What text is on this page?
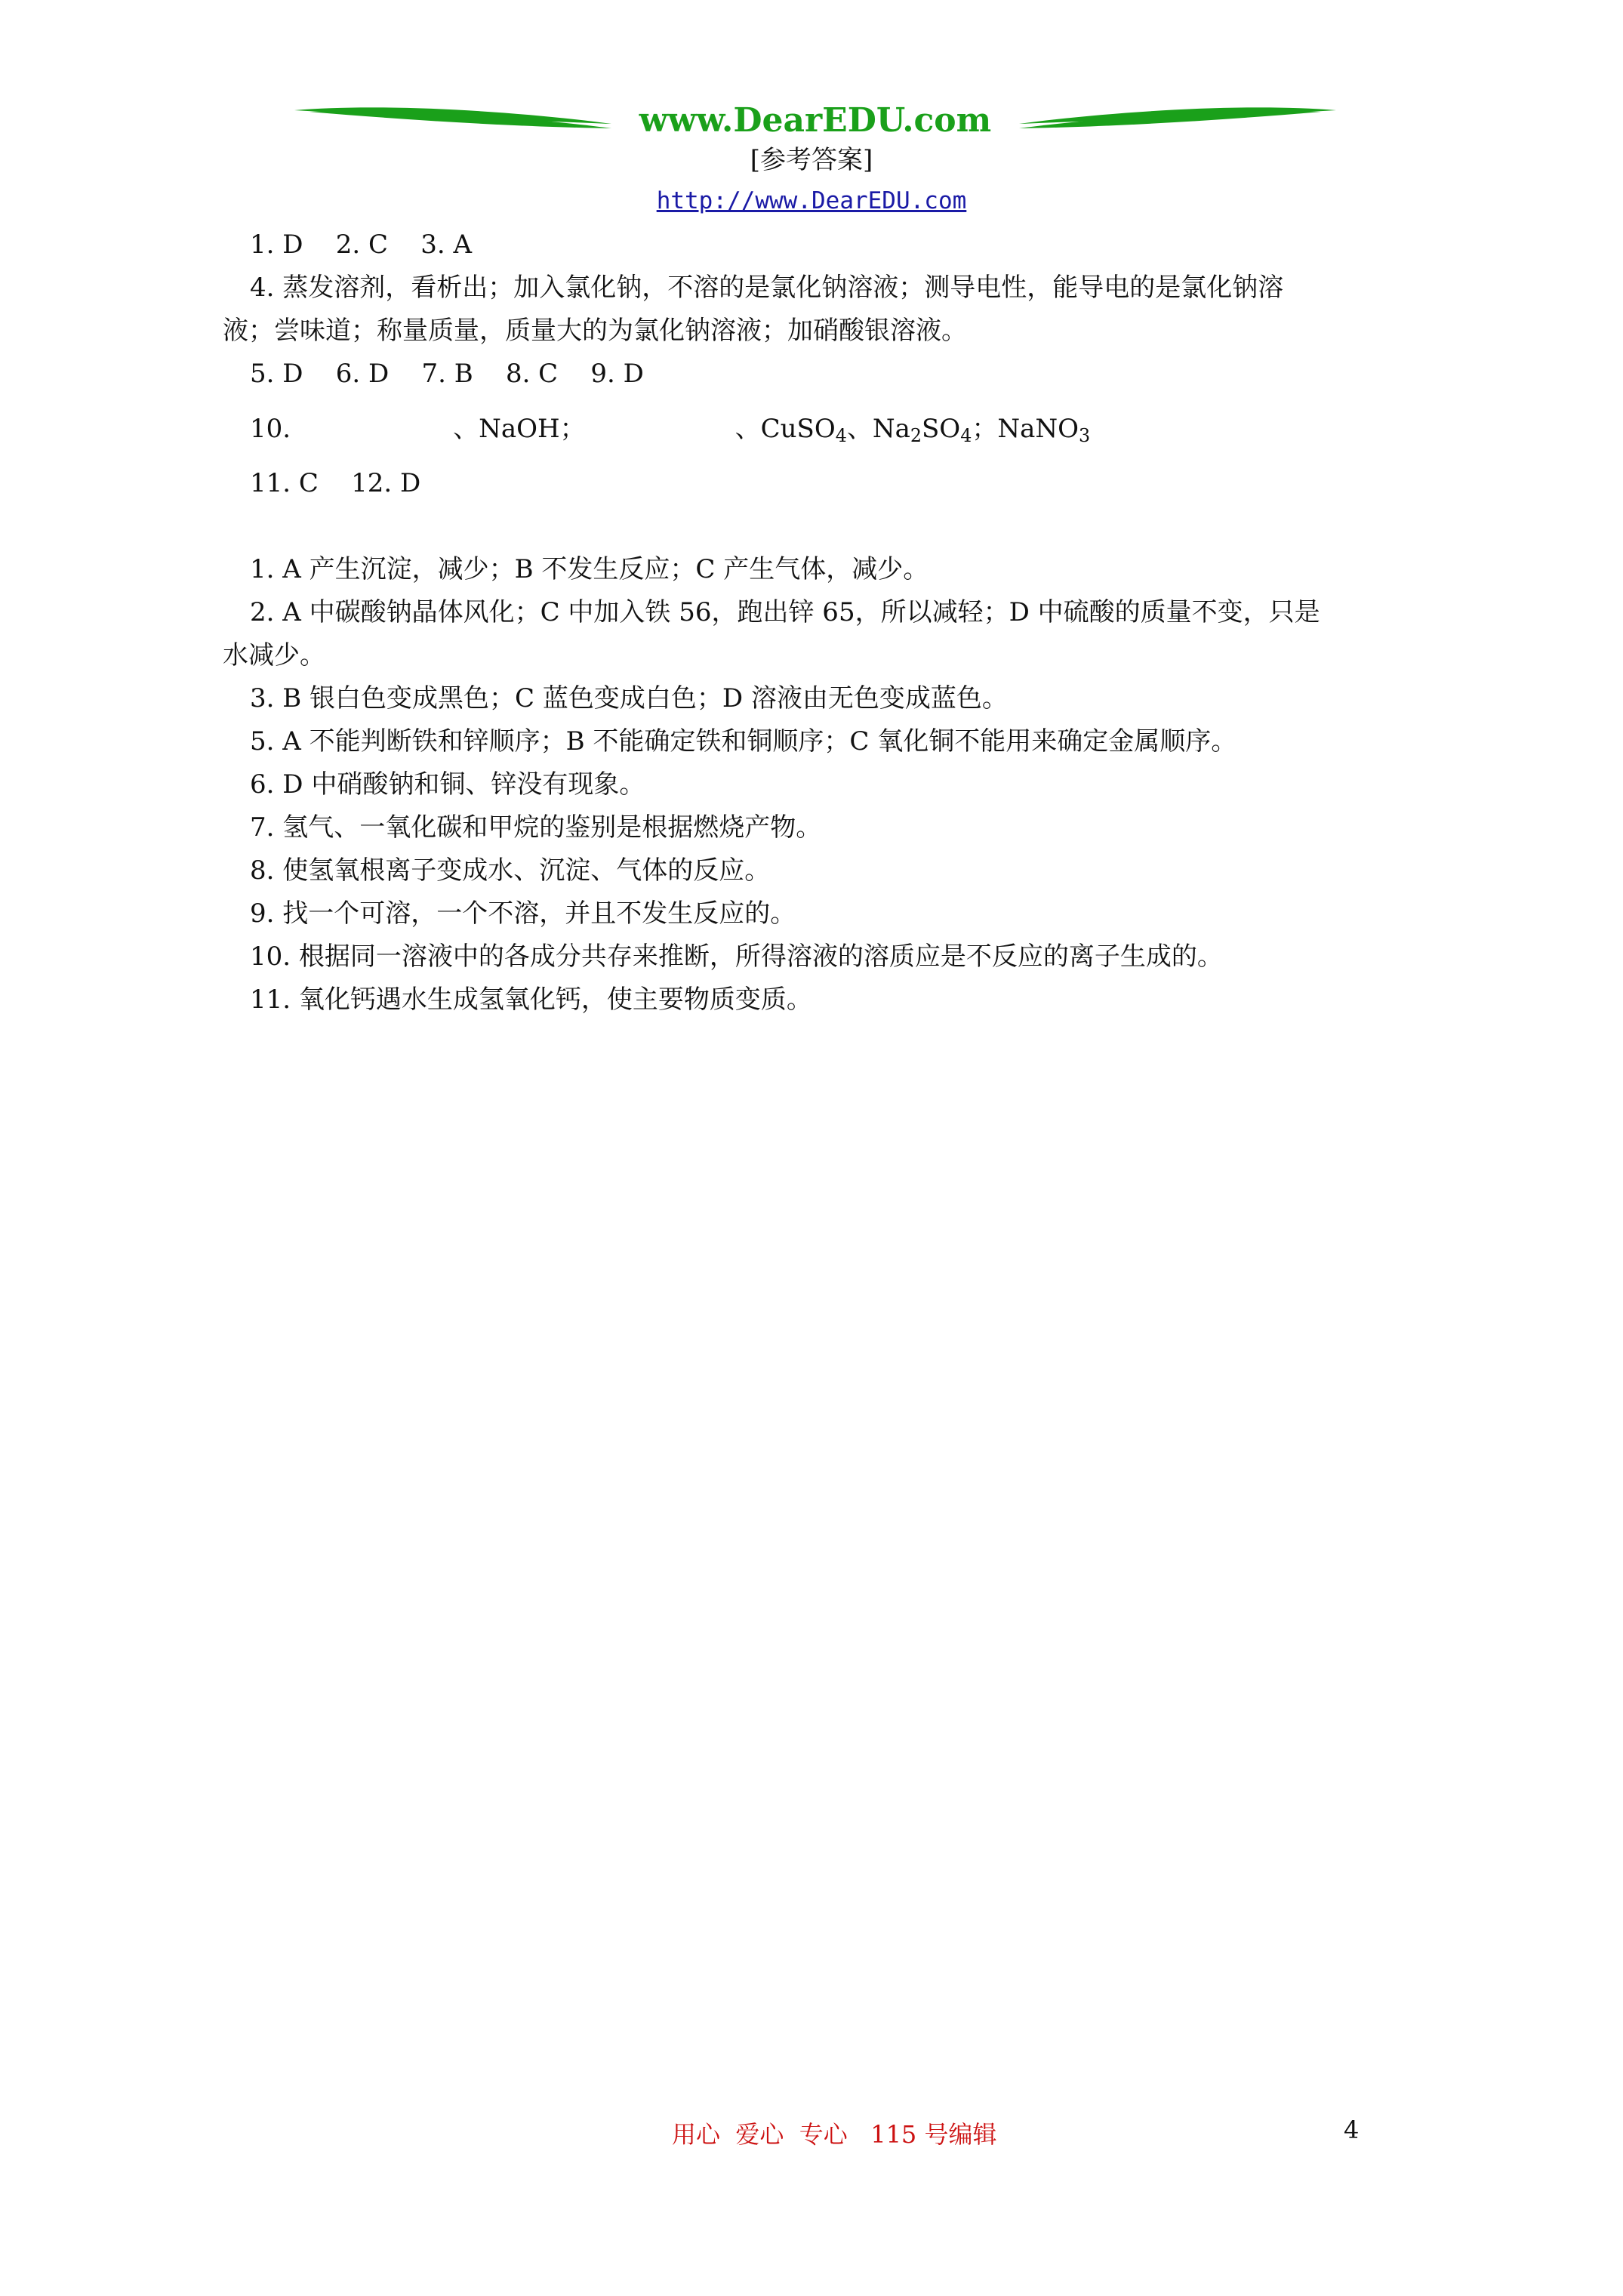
www.DearEDU.com
[参考答案]
http://www.DearEDU.com
1. D    2. C    3. A
4. 蒸发溶剂，看析出；加入氯化钠，不溶的是氯化钠溶液；测导电性，能导电的是氯化钠溶
液；尝味道；称量质量，质量大的为氯化钠溶液；加硝酸银溶液。
5. D    6. D    7. B    8. C    9. D
10.	、NaOH；	、CuSO$_4$、$Na_2SO_4$；NaNO$_3$
11. C    12. D
1. A 产生沉淀，减少；B 不发生反应；C 产生气体，减少。
2. A 中碳酸钠晶体风化；C 中加入铁 56，跑出锌 65，所以减轻；D 中硫酸的质量不变，只是
水减少。
3. B 银白色变成黑色；C 蓝色变成白色；D 溶液由无色变成蓝色。
5. A 不能判断铁和锌顺序；B 不能确定铁和铜顺序；C 氧化铜不能用来确定金属顺序。
6. D 中硝酸钠和铜、锌没有现象。
7. 氢气、一氧化碳和甲烷的鉴别是根据燃烧产物。
8. 使氢氧根离子变成水、沉淀、气体的反应。
9. 找一个可溶，一个不溶，并且不发生反应的。
10. 根据同一溶液中的各成分共存来推断，所得溶液的溶质应是不反应的离子生成的。
11. 氧化钙遇水生成氢氧化钙，使主要物质变质。
用心  爱心  专心   115 号编辑	4
